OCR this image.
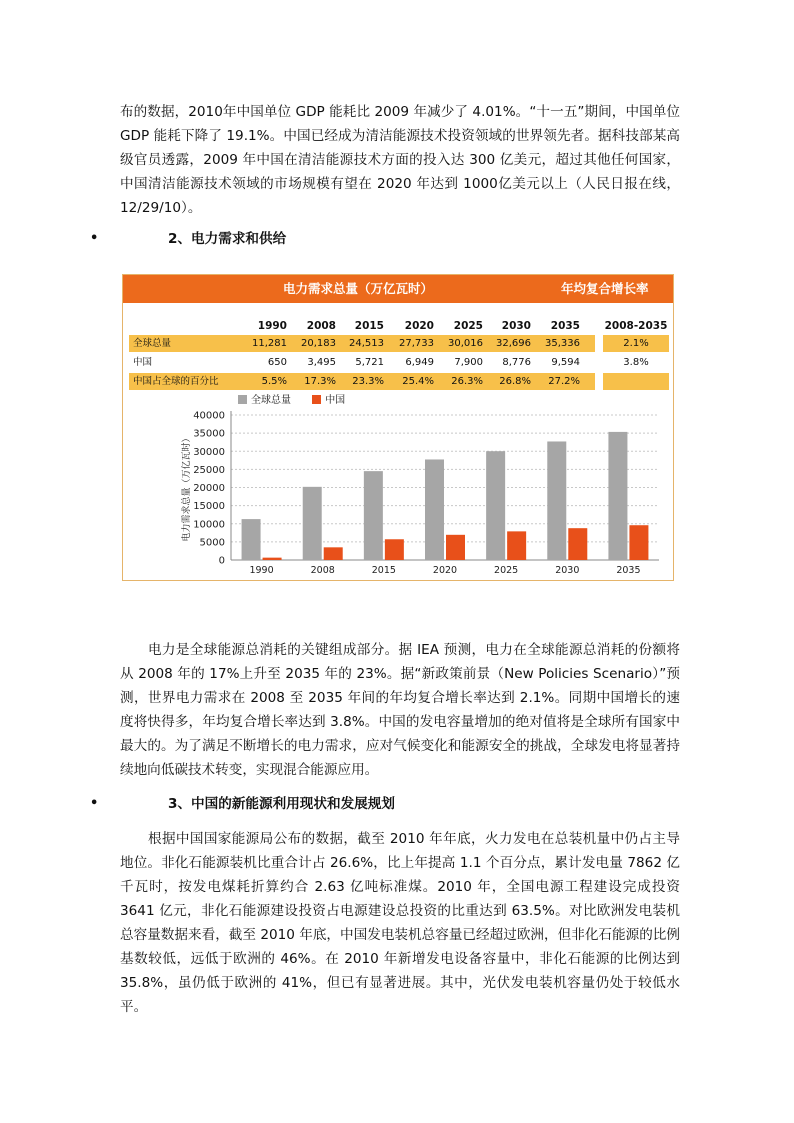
布的数据，2010年中国单位 GDP 能耗比 2009 年减少了 4.01%。“十一五”期间，中国单位 GDP 能耗下降了 19.1%。中国已经成为清洁能源技术投资领域的世界领先者。据科技部某高级官员透露，2009 年中国在清洁能源技术方面的投入达 300 亿美元，超过其他任何国家，中国清洁能源技术领域的市场规模有望在 2020 年达到 1000亿美元以上（人民日报在线，12/29/10）。

•	2、电力需求和供给
电力需求总量（万亿瓦时）	年均复合增长率（%）
1990	2008	2015	2020	2025	2030	2035 2008-2035
全球总量	11,281	20,183	24,513	27,733	30,016	32,696	35,336	2.1%
中国	650	3,495	5,721	6,949	7,900	8,776	9,594	3.8%
中国占全球的百分比	5.5%	17.3%	23.3%	25.4%	26.3%	26.8%	27.2%
全球总量	中国
0
5000
10000
15000
20000
25000
30000
35000
40000
电力需求总量（万亿瓦时）
1990	2008	2015	2020	2025	2030	2035

电力是全球能源总消耗的关键组成部分。据 IEA 预测，电力在全球能源总消耗的份额将从 2008 年的 17%上升至 2035 年的 23%。据“新政策前景（New Policies Scenario）”预测，世界电力需求在 2008 至 2035 年间的年均复合增长率达到 2.1%。同期中国增长的速度将快得多，年均复合增长率达到 3.8%。中国的发电容量增加的绝对值将是全球所有国家中最大的。为了满足不断增长的电力需求，应对气候变化和能源安全的挑战，全球发电将显著持续地向低碳技术转变，实现混合能源应用。

•	3、中国的新能源利用现状和发展规划

根据中国国家能源局公布的数据，截至 2010 年年底，火力发电在总装机量中仍占主导地位。非化石能源装机比重合计占 26.6%，比上年提高 1.1 个百分点，累计发电量 7862 亿千瓦时，按发电煤耗折算约合 2.63 亿吨标准煤。2010 年，全国电源工程建设完成投资 3641 亿元，非化石能源建设投资占电源建设总投资的比重达到 63.5%。对比欧洲发电装机总容量数据来看，截至 2010 年底，中国发电装机总容量已经超过欧洲，但非化石能源的比例基数较低，远低于欧洲的 46%。在 2010 年新增发电设备容量中，非化石能源的比例达到 35.8%，虽仍低于欧洲的 41%，但已有显著进展。其中，光伏发电装机容量仍处于较低水平。
